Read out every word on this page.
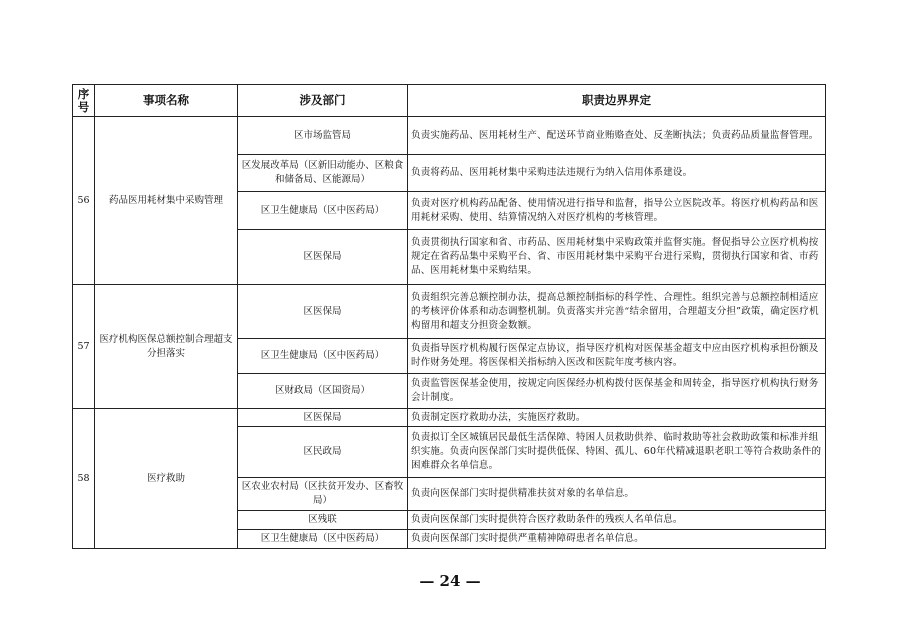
序号	事项名称	涉及部门	职责边界界定
56	药品医用耗材集中采购管理	区市场监管局	负责实施药品、医用耗材生产、配送环节商业贿赂查处、反垄断执法；负责药品质量监督管理。
		区发展改革局（区新旧动能办、区粮食和储备局、区能源局）	负责将药品、医用耗材集中采购违法违规行为纳入信用体系建设。
		区卫生健康局（区中医药局）	负责对医疗机构药品配备、使用情况进行指导和监督，指导公立医院改革。将医疗机构药品和医用耗材采购、使用、结算情况纳入对医疗机构的考核管理。
		区医保局	负责贯彻执行国家和省、市药品、医用耗材集中采购政策并监督实施。督促指导公立医疗机构按规定在省药品集中采购平台、省、市医用耗材集中采购平台进行采购，贯彻执行国家和省、市药品、医用耗材集中采购结果。
57	医疗机构医保总额控制合理超支分担落实	区医保局	负责组织完善总额控制办法，提高总额控制指标的科学性、合理性。组织完善与总额控制相适应的考核评价体系和动态调整机制。负责落实并完善“结余留用，合理超支分担”政策，确定医疗机构留用和超支分担资金数额。
		区卫生健康局（区中医药局）	负责指导医疗机构履行医保定点协议，指导医疗机构对医保基金超支中应由医疗机构承担份额及时作财务处理。将医保相关指标纳入医改和医院年度考核内容。
		区财政局（区国资局）	负责监管医保基金使用，按规定向医保经办机构拨付医保基金和周转金，指导医疗机构执行财务会计制度。
58	医疗救助	区医保局	负责制定医疗救助办法，实施医疗救助。
		区民政局	负责拟订全区城镇居民最低生活保障、特困人员救助供养、临时救助等社会救助政策和标准并组织实施。负责向医保部门实时提供低保、特困、孤儿、60年代精减退职老职工等符合救助条件的困难群众名单信息。
		区农业农村局（区扶贫开发办、区畜牧局）	负责向医保部门实时提供精准扶贫对象的名单信息。
		区残联	负责向医保部门实时提供符合医疗救助条件的残疾人名单信息。
		区卫生健康局（区中医药局）	负责向医保部门实时提供严重精神障碍患者名单信息。
— 24 —
